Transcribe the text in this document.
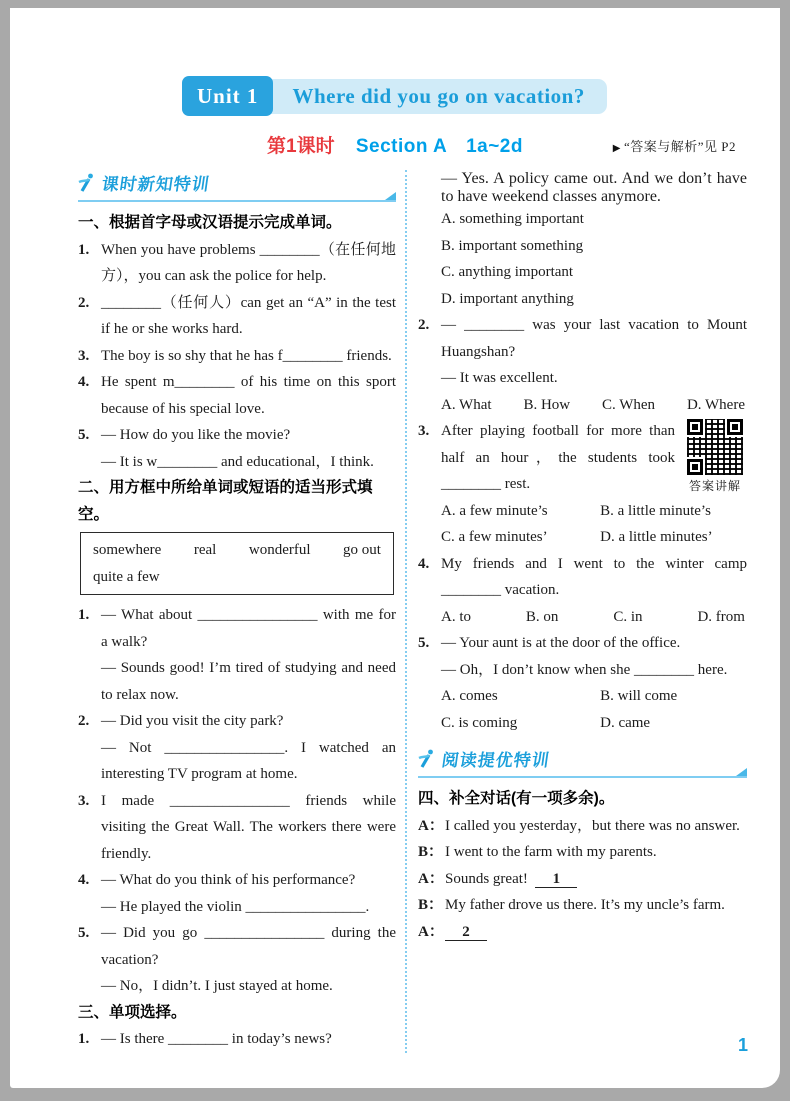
Unit 1	Where did you go on vacation?
第1课时 Section A　1a~2d	▶ “答案与解析”见 P2
课时新知特训
一、根据首字母或汉语提示完成单词。
1. When you have problems ________（在任何地方），you can ask the police for help.

2. ________（任何人）can get an “A” in the test if he or she works hard.

3. The boy is so shy that he has f________ friends.

4. He spent m________ of his time on this sport because of his special love.

5. — How do you like the movie?

— It is w________ and educational，I think.

二、用方框中所给单词或短语的适当形式填空。
somewhere real wonderful go out
quite a few
1. — What about ________________ with me for a walk?

— Sounds good! I’m tired of studying and need to relax now.

2. — Did you visit the city park?

— Not ________________. I watched an interesting TV program at home.

3. I made ________________ friends while visiting the Great Wall. The workers there were friendly.

4. — What do you think of his performance?

— He played the violin ________________.

5. — Did you go ________________ during the vacation?

— No，I didn’t. I just stayed at home.

三、单项选择。
1. — Is there ________ in today’s news?

— Yes. A policy came out. And we don’t have to have weekend classes anymore.

A. something important

B. important something

C. anything important

D. important anything

2. — ________ was your last vacation to Mount Huangshan?

— It was excellent.

A. What B. How C. When D. Where
3.
答案讲解

After playing football for more than half an hour，the students took ________ rest.

A. a few minute’s	B. a little minute’s
C. a few minutes’	D. a little minutes’
4. My friends and I went to the winter camp ________ vacation.

A. to	B. on	C. in	D. from
5. — Your aunt is at the door of the office.

— Oh，I don’t know when she ________ here.

A. comes	B. will come
C. is coming	D. came
阅读提优特训
四、补全对话(有一项多余)。
A： I called you yesterday，but there was no answer.

B： I went to the farm with my parents.

A： Sounds great! 1

B： My father drove us there. It’s my uncle’s farm.

A：	2

1
